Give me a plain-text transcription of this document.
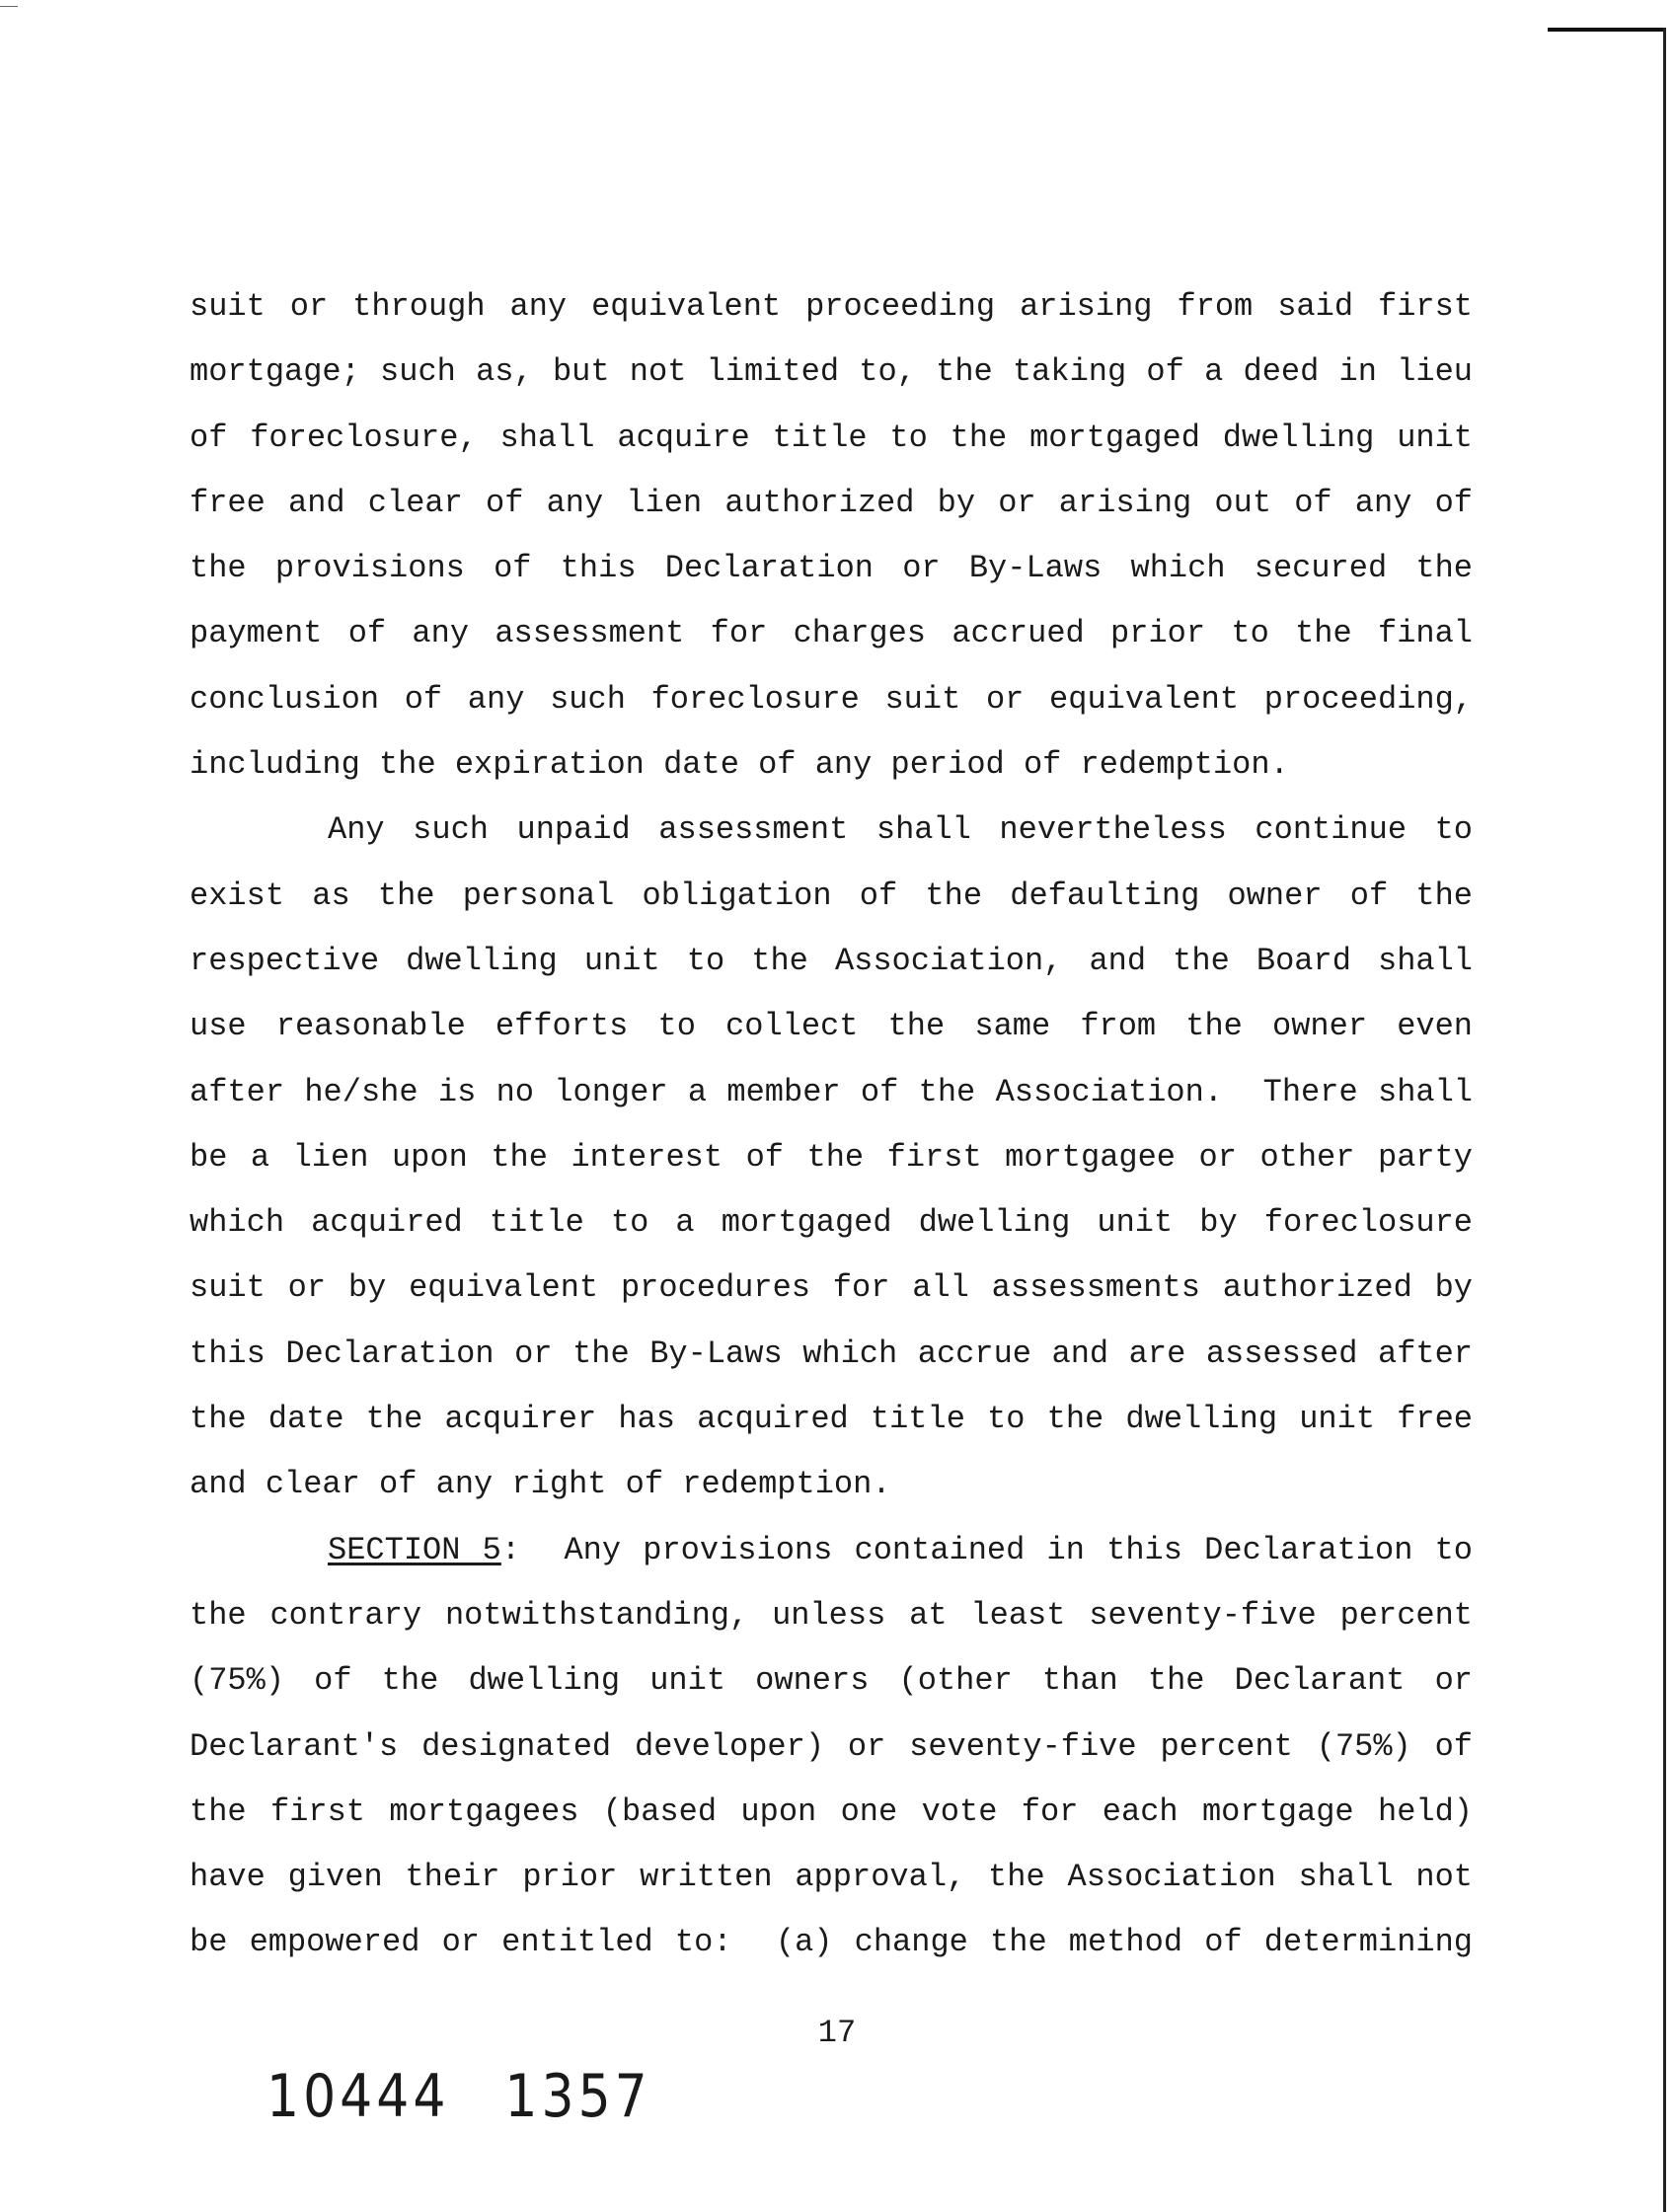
suit or through any equivalent proceeding arising from said first
mortgage; such as, but not limited to, the taking of a deed in lieu
of foreclosure, shall acquire title to the mortgaged dwelling unit
free and clear of any lien authorized by or arising out of any of
the provisions of this Declaration or By-Laws which secured the
payment of any assessment for charges accrued prior to the final
conclusion of any such foreclosure suit or equivalent proceeding,
including the expiration date of any period of redemption.
Any such unpaid assessment shall nevertheless continue to
exist as the personal obligation of the defaulting owner of the
respective dwelling unit to the Association, and the Board shall
use reasonable efforts to collect the same from the owner even
after he/she is no longer a member of the Association.  There shall
be a lien upon the interest of the first mortgagee or other party
which acquired title to a mortgaged dwelling unit by foreclosure
suit or by equivalent procedures for all assessments authorized by
this Declaration or the By-Laws which accrue and are assessed after
the date the acquirer has acquired title to the dwelling unit free
and clear of any right of redemption.
SECTION 5:  Any provisions contained in this Declaration to
the contrary notwithstanding, unless at least seventy-five percent
(75%) of the dwelling unit owners (other than the Declarant or
Declarant's designated developer) or seventy-five percent (75%) of
the first mortgagees (based upon one vote for each mortgage held)
have given their prior written approval, the Association shall not
be empowered or entitled to:  (a) change the method of determining
17
10444 1357
